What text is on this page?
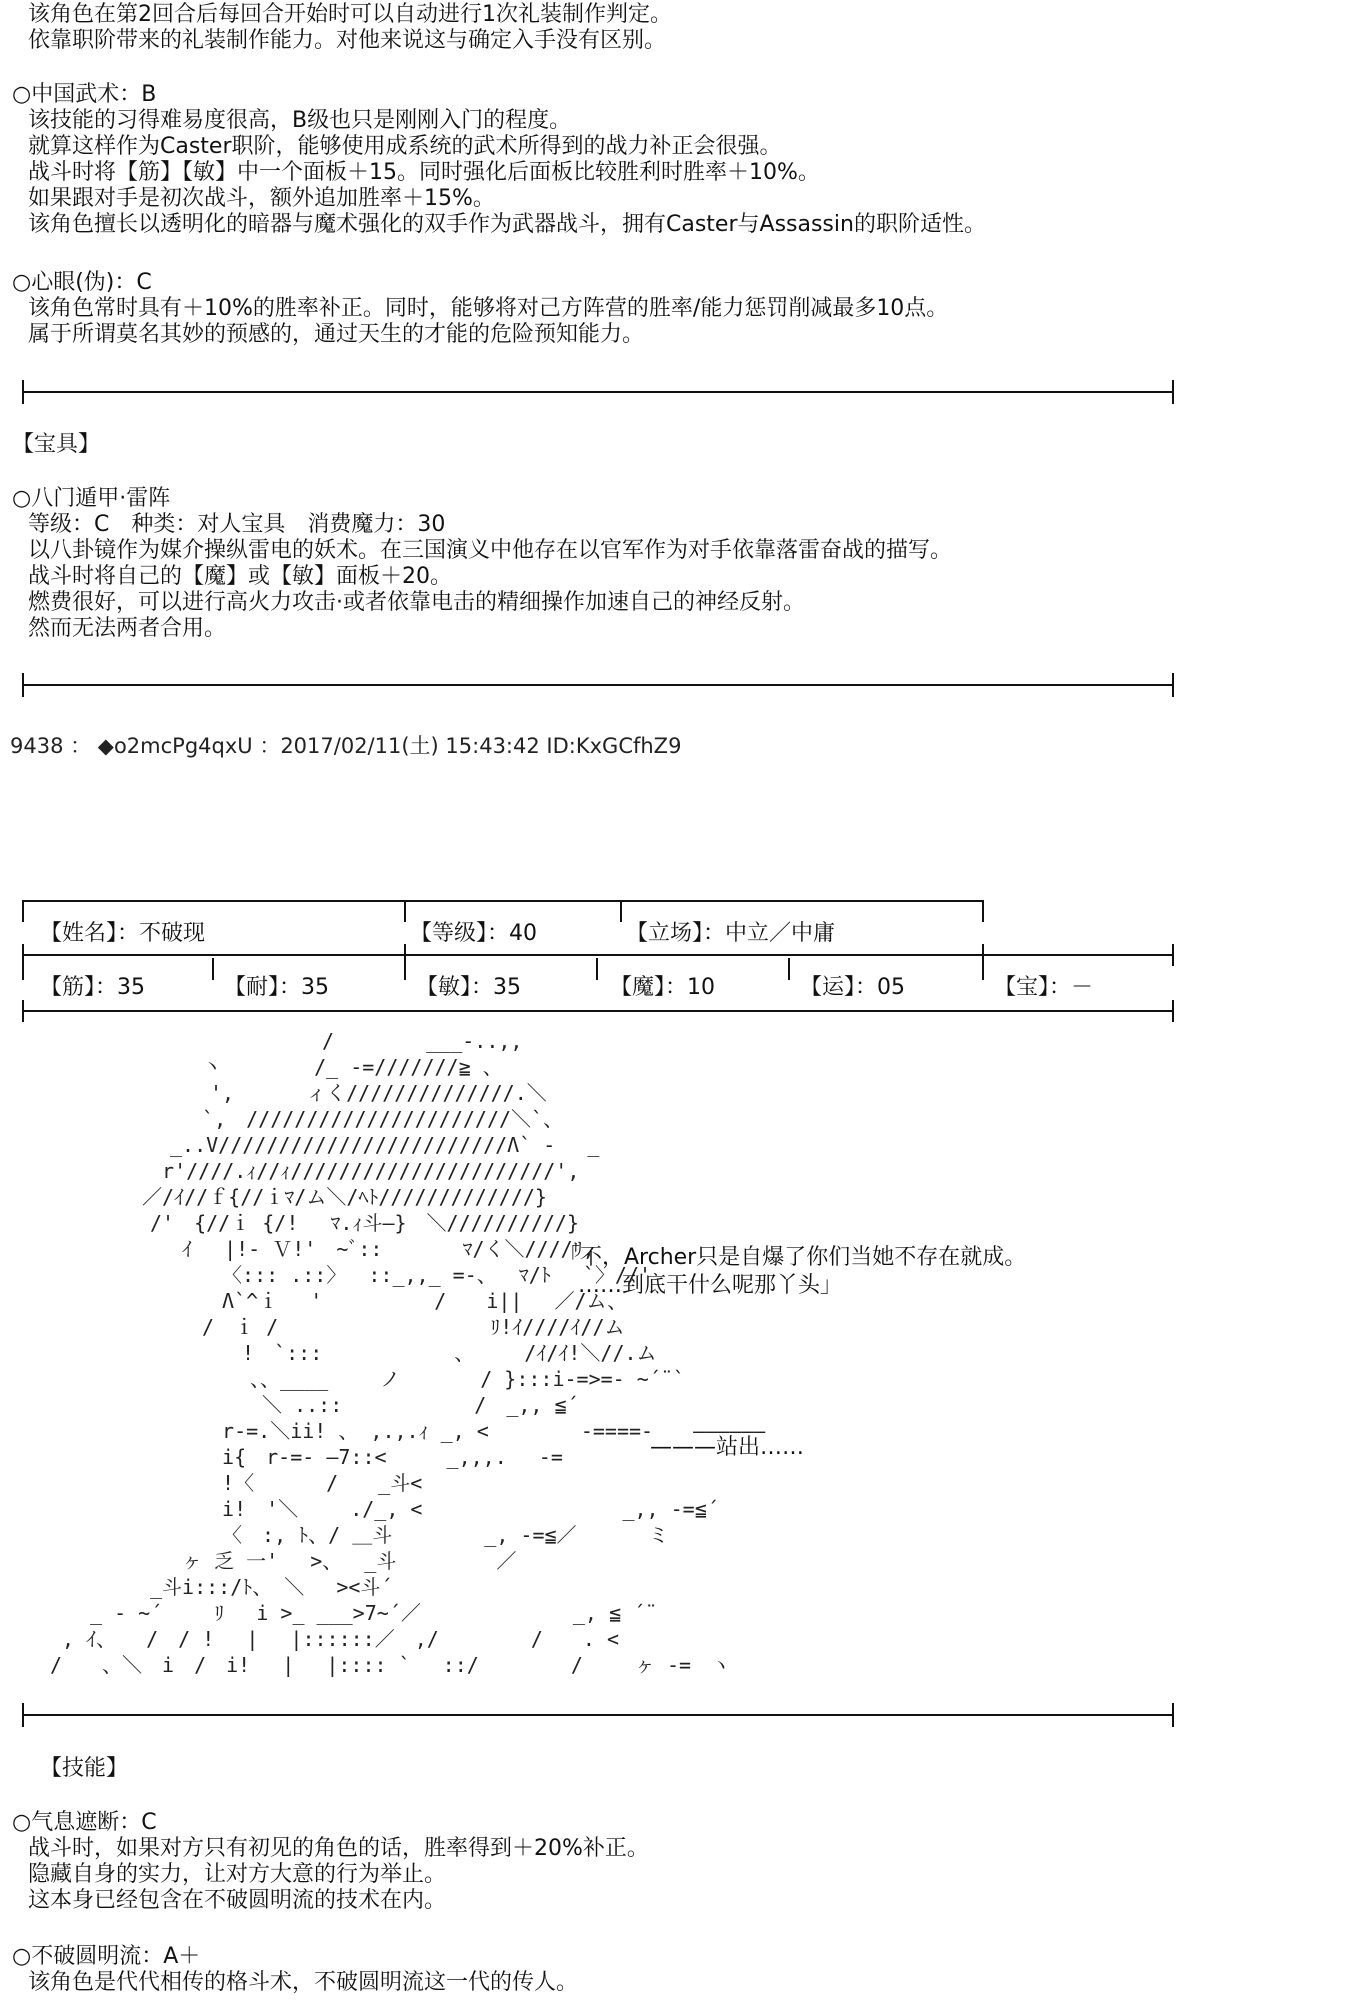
该角色在第2回合后每回合开始时可以自动进行1次礼装制作判定。
依靠职阶带来的礼装制作能力。对他来说这与确定入手没有区别。
○中国武术：B
该技能的习得难易度很高，B级也只是刚刚入门的程度。
就算这样作为Caster职阶，能够使用成系统的武术所得到的战力补正会很强。
战斗时将【筋】【敏】中一个面板＋15。同时强化后面板比较胜利时胜率＋10%。
如果跟对手是初次战斗，额外追加胜率＋15%。
该角色擅长以透明化的暗器与魔术强化的双手作为武器战斗，拥有Caster与Assassin的职阶适性。
○心眼(伪)：C
该角色常时具有＋10%的胜率补正。同时，能够将对己方阵营的胜率/能力惩罚削减最多10点。
属于所谓莫名其妙的预感的，通过天生的才能的危险预知能力。
【宝具】
○八门遁甲·雷阵
等级：C　种类：对人宝具　消费魔力：30
以八卦镜作为媒介操纵雷电的妖术。在三国演义中他存在以官军作为对手依靠落雷奋战的描写。
战斗时将自己的【魔】或【敏】面板＋20。
燃费很好，可以进行高火力攻击·或者依靠电击的精细操作加速自己的神经反射。
然而无法两者合用。
9438 ： ◆o2mcPg4qxU ：2017/02/11(土) 15:43:42 ID:KxGCfhZ9
【姓名】：不破现	【等级】：40	【立场】：中立／中庸
【筋】：35	【耐】：35	【敏】：35	【魔】：10	【运】：05	【宝】：－
　　　　　　　　　　　　　　　 /　　　　 ___-..,,
　　　　　　　　　 丶　　　　 /_ -=///////≧ 、
　　　　　　　　　　',　　　 ィく//////////////.＼
　　　　　　　　　 `,　//////////////////////＼`、
　　　　　　　　_..V////////////////////////Λ` -　 _
　　　　　　　 r'////.ｨ//ｨ//////////////////////',
　　　　　　 ／/ｲ//ｆ{//ｉﾏ/ム＼/ﾍﾄ/////////////}
　　　　　　　/'　{//ｉ {/!　 ﾏ.ｨ斗―}　＼//////////}
　　　　　　　　 ｲ　 |!- Ｖ!'　~ﾞ::　　　　ﾏ/く＼////ﾘ,
　　　　　　　　　　 〈::: .::〉　 ::_,,_ =-、　 ﾏ/ﾄ　 `〉//'
　　　　　　　　　　 Λ`^ｉ　 '　　　　　 /　　i||　 ／/ム、
　　　　　　　　　 /　ｉ /　　　　　　　　　　 ﾘ!ｲ////ｲ//ム
　　　　　　　　　　　 !　`:::　　　　　　 、　　　/ｲ/ｲ!＼//.ム
　　　　　　　　　　　　、、____　　 ノ　　　　/ }:::i-=>=- ~´¨`
　　　　　　　　　　　　 ＼ ..::　　　　　　 /　_,, ≦´
　　　　　　　　　　 r-=.＼ii! 、 ,.,.ｨ _, <　　　　 -====-　　——————
　　　　　　　　　　 i{　r-=- ―7::<　　　_,,,.　 -=
　　　　　　　　　　 !〈　　　 /　　_斗<
　　　　　　　　　　 i!　'＼　　 ./_, <　　　　　　　　　　_,, -=≦´
　　　　　　　　　　 〈　:, ﾄ、/ ＿斗　　　　 _, -=≦／　　　 ミ
　　　　　　　　 ヶ 乏 一'　 >、　 _斗　　　　　／
　　　　　　　_斗i:::/ﾄ、 ＼　 ><斗´
　　　　_ - ~´　　 ﾘ　 i >_ ___>7~´／　　　　　　　 _, ≦ ´¨
　　 , ｲ、　　/　/ !　 |　 |::::::／　,/　　　　 /　　. <
　　/　　、＼　i　/　i!　 |　 |:::: `　 ::/　　　　 /　　 ヶ -=　ヽ
「不，Archer只是自爆了你们当她不存在就成。
……到底干什么呢那丫头」
———站出……
【技能】
○气息遮断：C
战斗时，如果对方只有初见的角色的话，胜率得到＋20%补正。
隐藏自身的实力，让对方大意的行为举止。
这本身已经包含在不破圆明流的技术在内。
○不破圆明流：A＋
该角色是代代相传的格斗术，不破圆明流这一代的传人。
